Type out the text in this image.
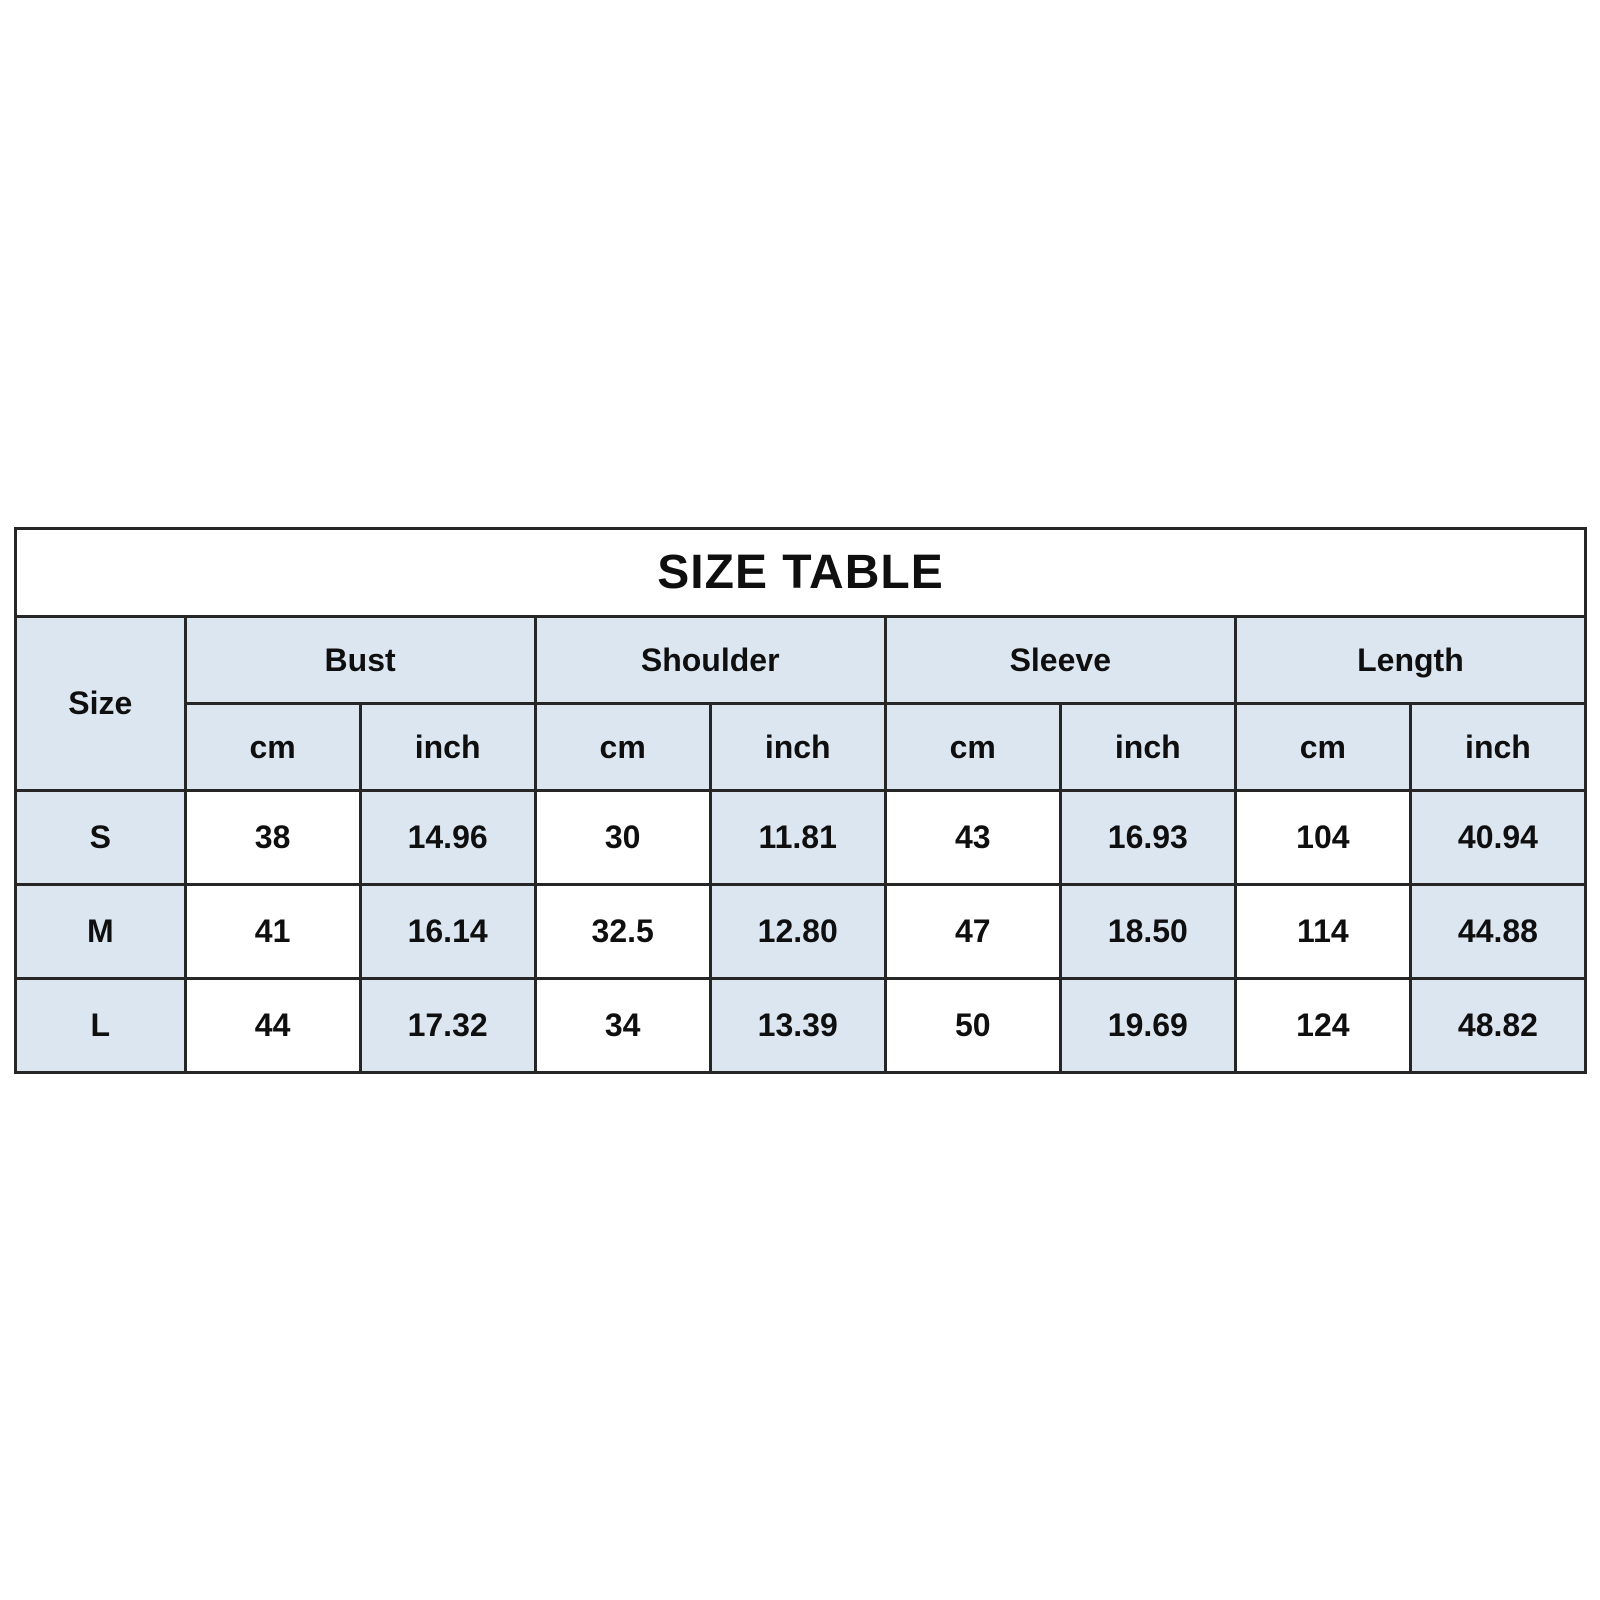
SIZE TABLE								
Size	Bust		Shoulder		Sleeve		Length	
	cm	inch	cm	inch	cm	inch	cm	inch
S	38	14.96	30	11.81	43	16.93	104	40.94
M	41	16.14	32.5	12.80	47	18.50	114	44.88
L	44	17.32	34	13.39	50	19.69	124	48.82
